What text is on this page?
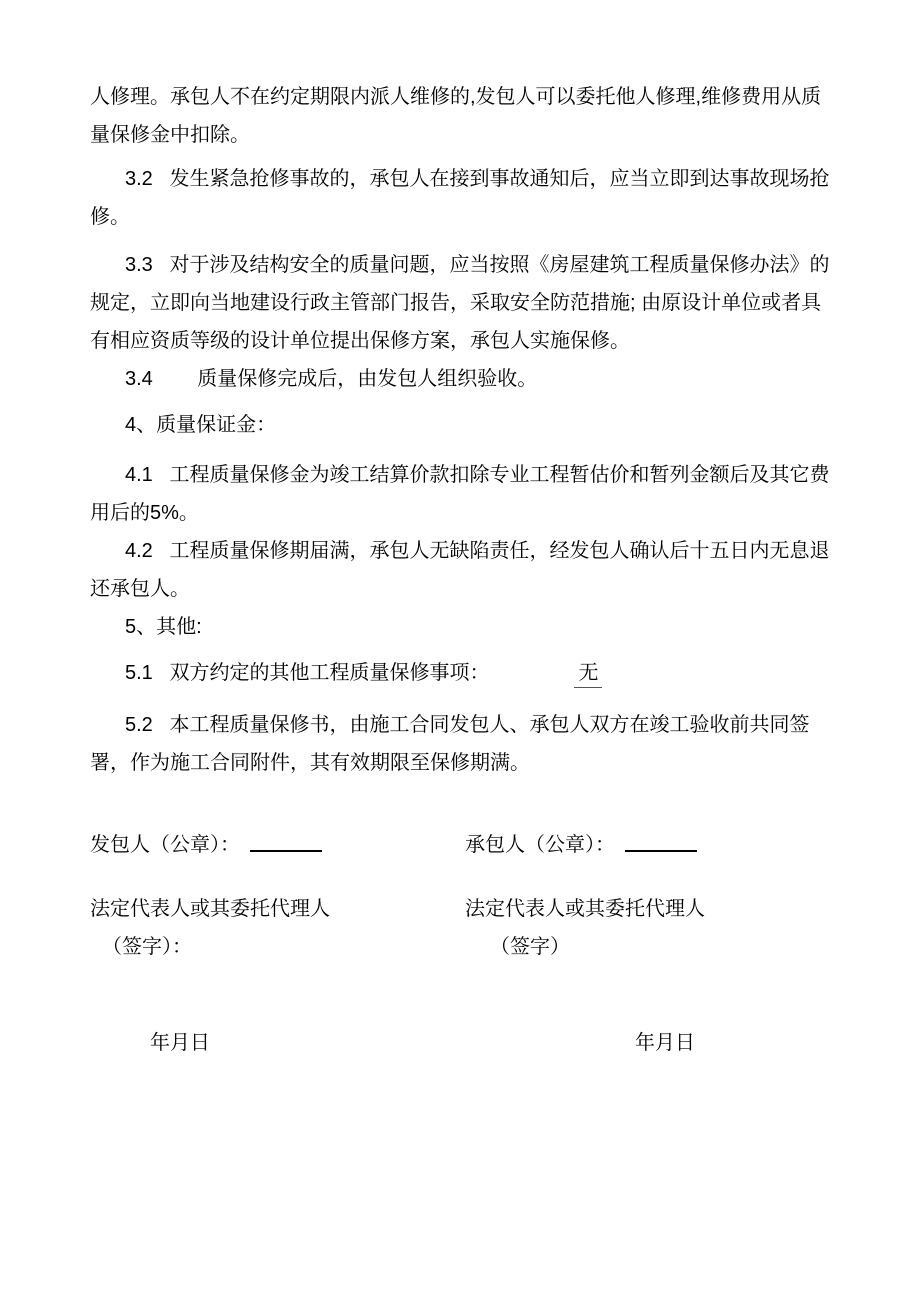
人修理。承包人不在约定期限内派人维修的,发包人可以委托他人修理,维修费用从质量保修金中扣除。

3.2   发生紧急抢修事故的，承包人在接到事故通知后，应当立即到达事故现场抢修。

3.3   对于涉及结构安全的质量问题，应当按照《房屋建筑工程质量保修办法》的规定，立即向当地建设行政主管部门报告，采取安全防范措施; 由原设计单位或者具有相应资质等级的设计单位提出保修方案，承包人实施保修。

3.4        质量保修完成后，由发包人组织验收。

4、质量保证金：

4.1   工程质量保修金为竣工结算价款扣除专业工程暂估价和暂列金额后及其它费用后的5%。

4.2   工程质量保修期届满，承包人无缺陷责任，经发包人确认后十五日内无息退还承包人。

5、其他:

5.1   双方约定的其他工程质量保修事项：	无

5.2   本工程质量保修书，由施工合同发包人、承包人双方在竣工验收前共同签署，作为施工合同附件，其有效期限至保修期满。

发包人（公章）：	承包人（公章）：
法定代表人或其委托代理人	法定代表人或其委托代理人
（签字）：	（签字）
年月日	年月日
